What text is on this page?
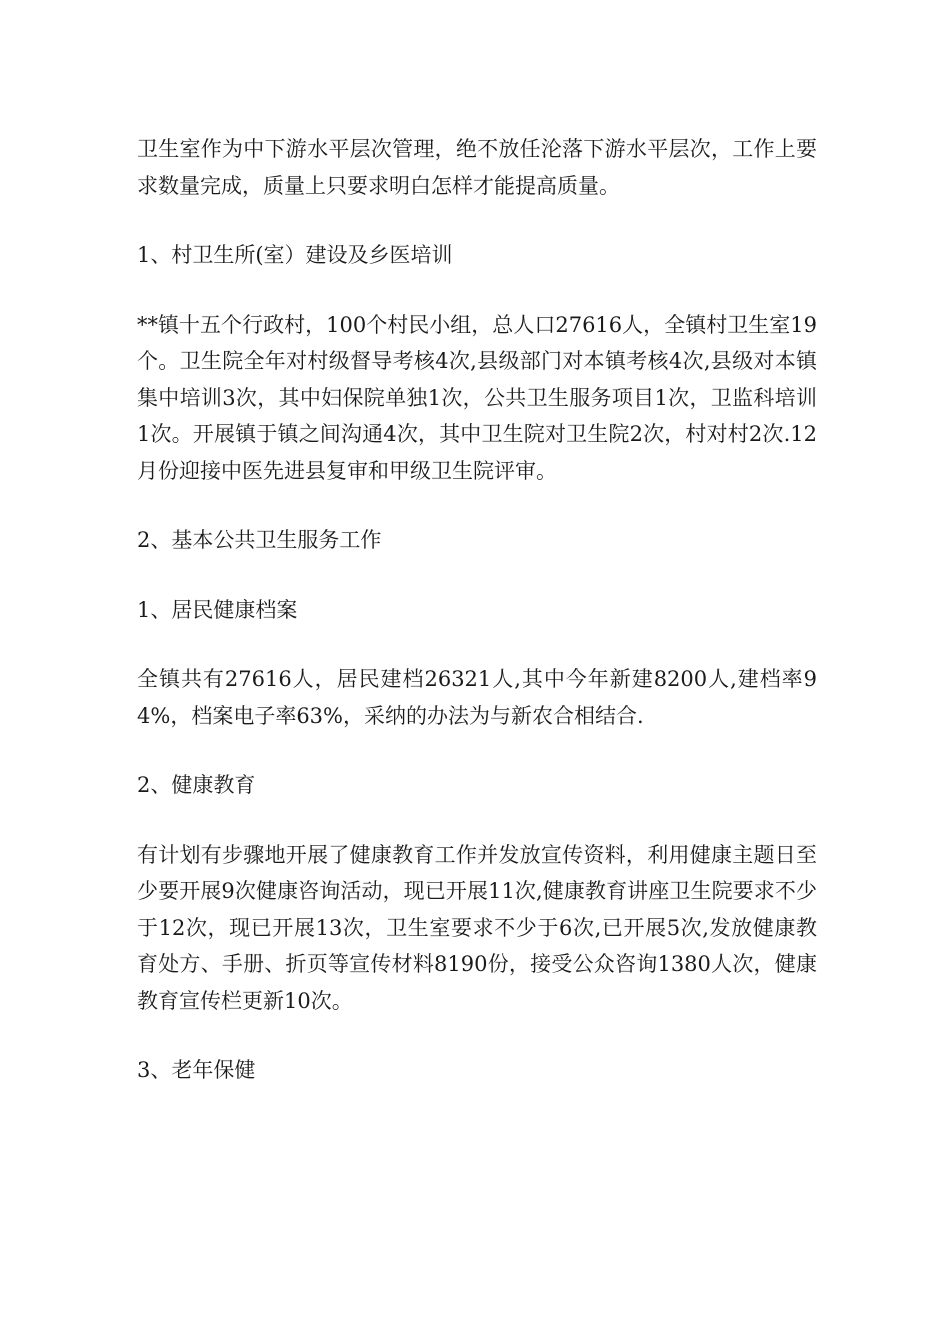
卫生室作为中下游水平层次管理，绝不放任沦落下游水平层次，工作上要求数量完成，质量上只要求明白怎样才能提高质量。

1、村卫生所(室）建设及乡医培训

**镇十五个行政村，100个村民小组，总人口27616人，全镇村卫生室19个。卫生院全年对村级督导考核4次,县级部门对本镇考核4次,县级对本镇集中培训3次，其中妇保院单独1次，公共卫生服务项目1次，卫监科培训1次。开展镇于镇之间沟通4次，其中卫生院对卫生院2次，村对村2次.12月份迎接中医先进县复审和甲级卫生院评审。

2、基本公共卫生服务工作

1、居民健康档案

全镇共有27616人，居民建档26321人,其中今年新建8200人,建档率94%，档案电子率63%，采纳的办法为与新农合相结合.

2、健康教育

有计划有步骤地开展了健康教育工作并发放宣传资料，利用健康主题日至少要开展9次健康咨询活动，现已开展11次,健康教育讲座卫生院要求不少于12次，现已开展13次，卫生室要求不少于6次,已开展5次,发放健康教育处方、手册、折页等宣传材料8190份，接受公众咨询1380人次，健康教育宣传栏更新10次。

3、老年保健
